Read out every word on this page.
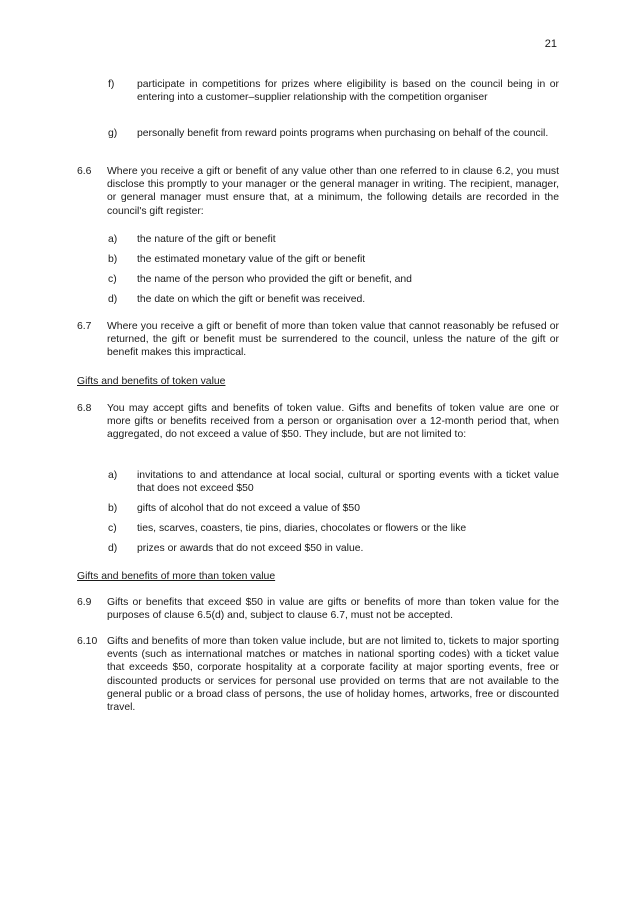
21
f) participate in competitions for prizes where eligibility is based on the council being in or entering into a customer–supplier relationship with the competition organiser
g) personally benefit from reward points programs when purchasing on behalf of the council.
6.6 Where you receive a gift or benefit of any value other than one referred to in clause 6.2, you must disclose this promptly to your manager or the general manager in writing. The recipient, manager, or general manager must ensure that, at a minimum, the following details are recorded in the council's gift register:
a) the nature of the gift or benefit
b) the estimated monetary value of the gift or benefit
c) the name of the person who provided the gift or benefit, and
d) the date on which the gift or benefit was received.
6.7 Where you receive a gift or benefit of more than token value that cannot reasonably be refused or returned, the gift or benefit must be surrendered to the council, unless the nature of the gift or benefit makes this impractical.
Gifts and benefits of token value
6.8 You may accept gifts and benefits of token value. Gifts and benefits of token value are one or more gifts or benefits received from a person or organisation over a 12-month period that, when aggregated, do not exceed a value of $50. They include, but are not limited to:
a) invitations to and attendance at local social, cultural or sporting events with a ticket value that does not exceed $50
b) gifts of alcohol that do not exceed a value of $50
c) ties, scarves, coasters, tie pins, diaries, chocolates or flowers or the like
d) prizes or awards that do not exceed $50 in value.
Gifts and benefits of more than token value
6.9 Gifts or benefits that exceed $50 in value are gifts or benefits of more than token value for the purposes of clause 6.5(d) and, subject to clause 6.7, must not be accepted.
6.10 Gifts and benefits of more than token value include, but are not limited to, tickets to major sporting events (such as international matches or matches in national sporting codes) with a ticket value that exceeds $50, corporate hospitality at a corporate facility at major sporting events, free or discounted products or services for personal use provided on terms that are not available to the general public or a broad class of persons, the use of holiday homes, artworks, free or discounted travel.
